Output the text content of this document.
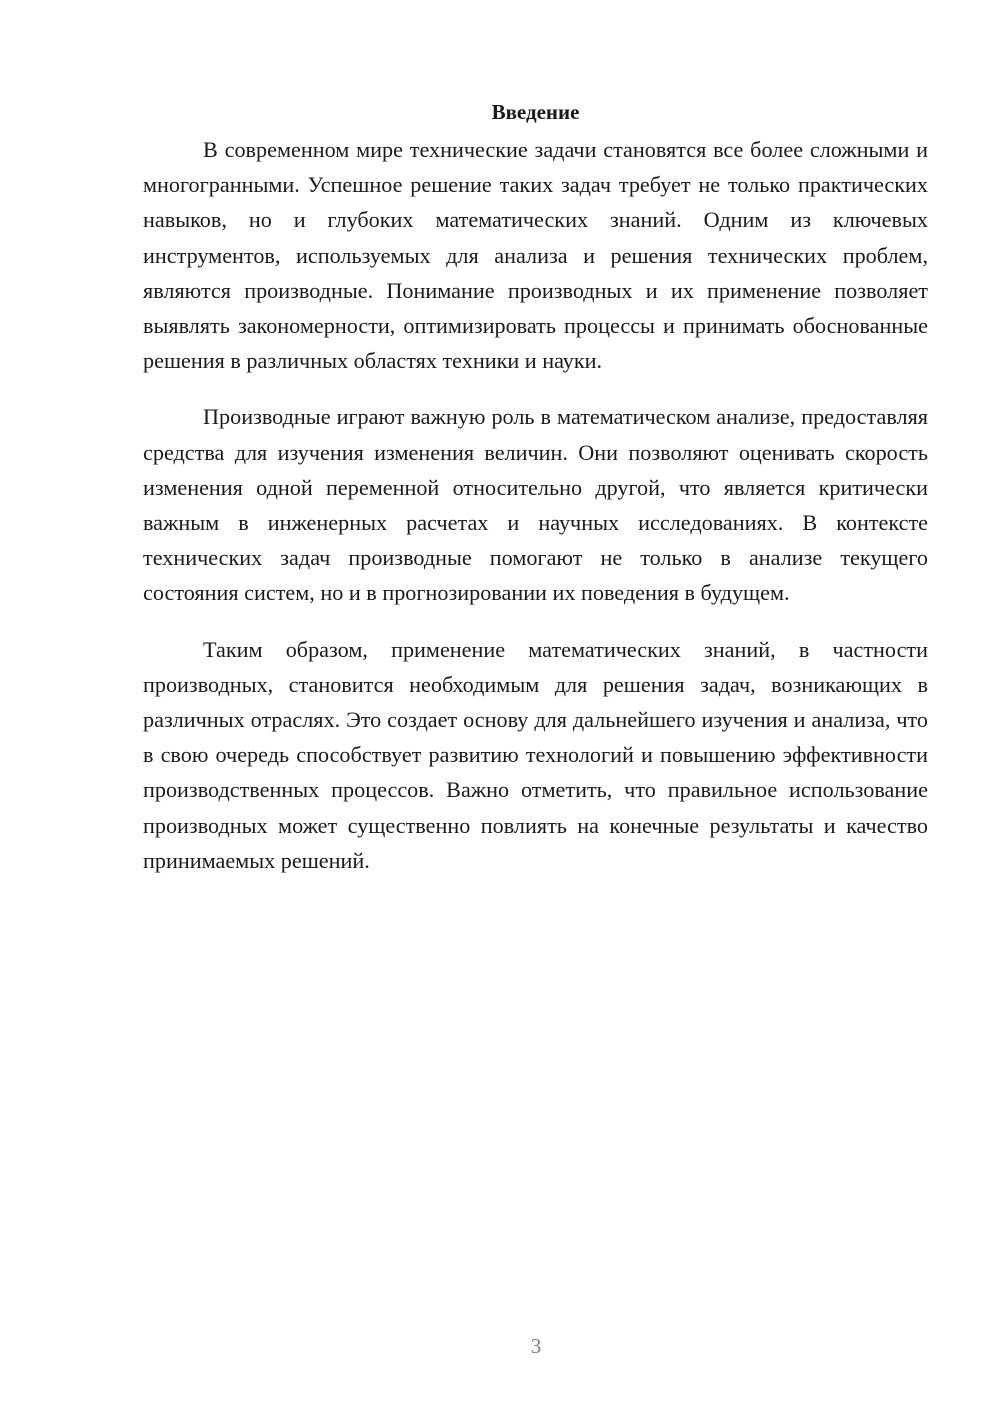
Введение

В современном мире технические задачи становятся все более сложными и многогранными. Успешное решение таких задач требует не только практических навыков, но и глубоких математических знаний. Одним из ключевых инструментов, используемых для анализа и решения технических проблем, являются производные. Понимание производных и их применение позволяет выявлять закономерности, оптимизировать процессы и принимать обоснованные решения в различных областях техники и науки.

Производные играют важную роль в математическом анализе, предоставляя средства для изучения изменения величин. Они позволяют оценивать скорость изменения одной переменной относительно другой, что является критически важным в инженерных расчетах и научных исследованиях. В контексте технических задач производные помогают не только в анализе текущего состояния систем, но и в прогнозировании их поведения в будущем.

Таким образом, применение математических знаний, в частности производных, становится необходимым для решения задач, возникающих в различных отраслях. Это создает основу для дальнейшего изучения и анализа, что в свою очередь способствует развитию технологий и повышению эффективности производственных процессов. Важно отметить, что правильное использование производных может существенно повлиять на конечные результаты и качество принимаемых решений.

3
